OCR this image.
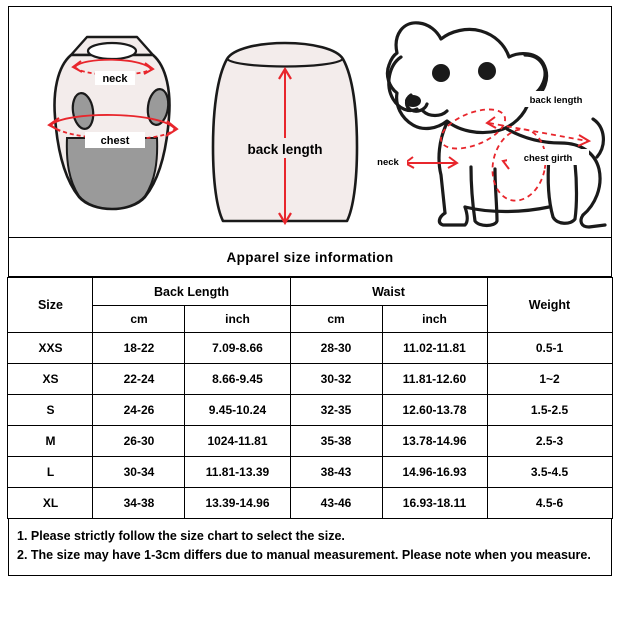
neck
chest
back length
back length
neck	chest girth
Apparel size information
Size	Back Length		Waist		Weight
	cm	inch	cm	inch	
XXS	18-22	7.09-8.66	28-30	11.02-11.81	0.5-1
XS	22-24	8.66-9.45	30-32	11.81-12.60	1~2
S	24-26	9.45-10.24	32-35	12.60-13.78	1.5-2.5
M	26-30	1024-11.81	35-38	13.78-14.96	2.5-3
L	30-34	11.81-13.39	38-43	14.96-16.93	3.5-4.5
XL	34-38	13.39-14.96	43-46	16.93-18.11	4.5-6

1. Please strictly follow the size chart to select the size.

2. The size may have 1-3cm differs due to manual measurement. Please note when you measure.
